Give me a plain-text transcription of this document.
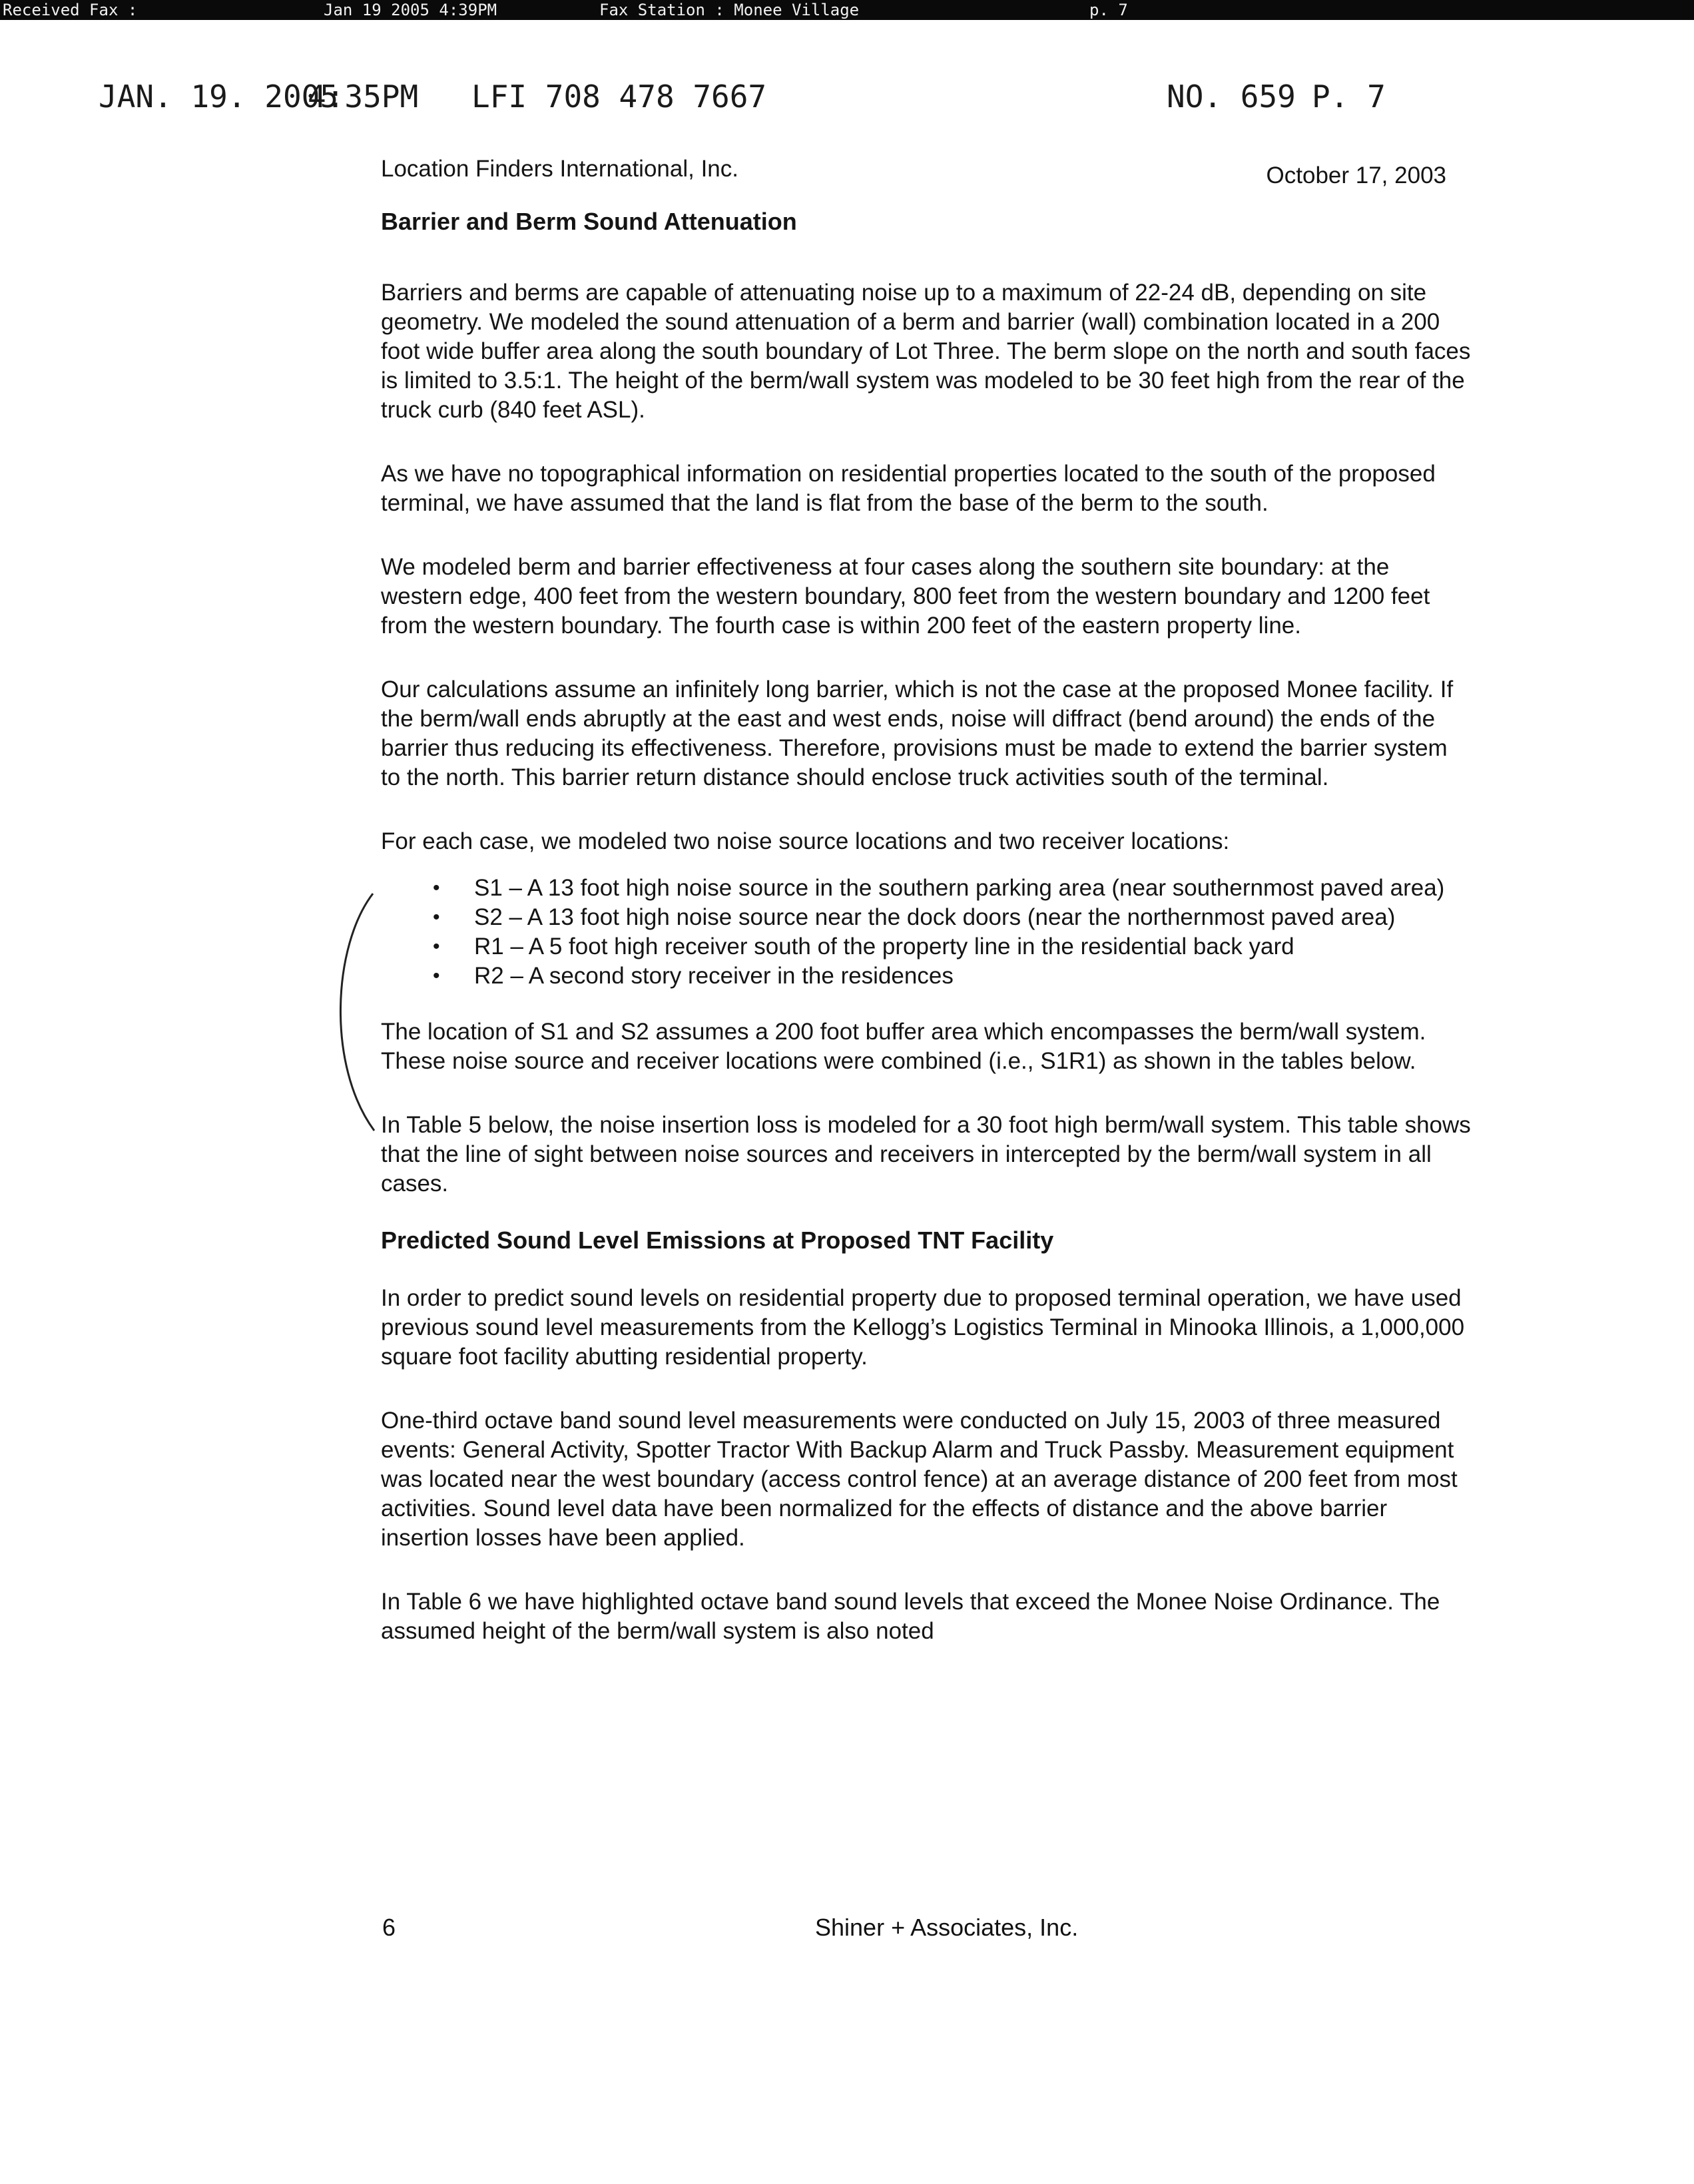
Received Fax :	Jan 19 2005 4:39PM	Fax Station : Monee Village	p. 7
JAN. 19. 2005
4:35PM LFI 708 478 7667	NO. 659 P. 7
Location Finders International, Inc.	October 17, 2003
Barrier and Berm Sound Attenuation

Barriers and berms are capable of attenuating noise up to a maximum of 22-24 dB, depending on site geometry. We modeled the sound attenuation of a berm and barrier (wall) combination located in a 200 foot wide buffer area along the south boundary of Lot Three. The berm slope on the north and south faces is limited to 3.5:1. The height of the berm/wall system was modeled to be 30 feet high from the rear of the truck curb (840 feet ASL).

As we have no topographical information on residential properties located to the south of the proposed terminal, we have assumed that the land is flat from the base of the berm to the south.

We modeled berm and barrier effectiveness at four cases along the southern site boundary: at the western edge, 400 feet from the western boundary, 800 feet from the western boundary and 1200 feet from the western boundary. The fourth case is within 200 feet of the eastern property line.

Our calculations assume an infinitely long barrier, which is not the case at the proposed Monee facility. If the berm/wall ends abruptly at the east and west ends, noise will diffract (bend around) the ends of the barrier thus reducing its effectiveness. Therefore, provisions must be made to extend the barrier system to the north. This barrier return distance should enclose truck activities south of the terminal.

For each case, we modeled two noise source locations and two receiver locations:

• S1 – A 13 foot high noise source in the southern parking area (near southernmost paved area)
• S2 – A 13 foot high noise source near the dock doors (near the northernmost paved area)
• R1 – A 5 foot high receiver south of the property line in the residential back yard
• R2 – A second story receiver in the residences

The location of S1 and S2 assumes a 200 foot buffer area which encompasses the berm/wall system. These noise source and receiver locations were combined (i.e., S1R1) as shown in the tables below.

In Table 5 below, the noise insertion loss is modeled for a 30 foot high berm/wall system. This table shows that the line of sight between noise sources and receivers in intercepted by the berm/wall system in all cases.

Predicted Sound Level Emissions at Proposed TNT Facility

In order to predict sound levels on residential property due to proposed terminal operation, we have used previous sound level measurements from the Kellogg’s Logistics Terminal in Minooka Illinois, a 1,000,000 square foot facility abutting residential property.

One-third octave band sound level measurements were conducted on July 15, 2003 of three measured events: General Activity, Spotter Tractor With Backup Alarm and Truck Passby. Measurement equipment was located near the west boundary (access control fence) at an average distance of 200 feet from most activities. Sound level data have been normalized for the effects of distance and the above barrier insertion losses have been applied.

In Table 6 we have highlighted octave band sound levels that exceed the Monee Noise Ordinance. The assumed height of the berm/wall system is also noted

6	Shiner + Associates, Inc.
